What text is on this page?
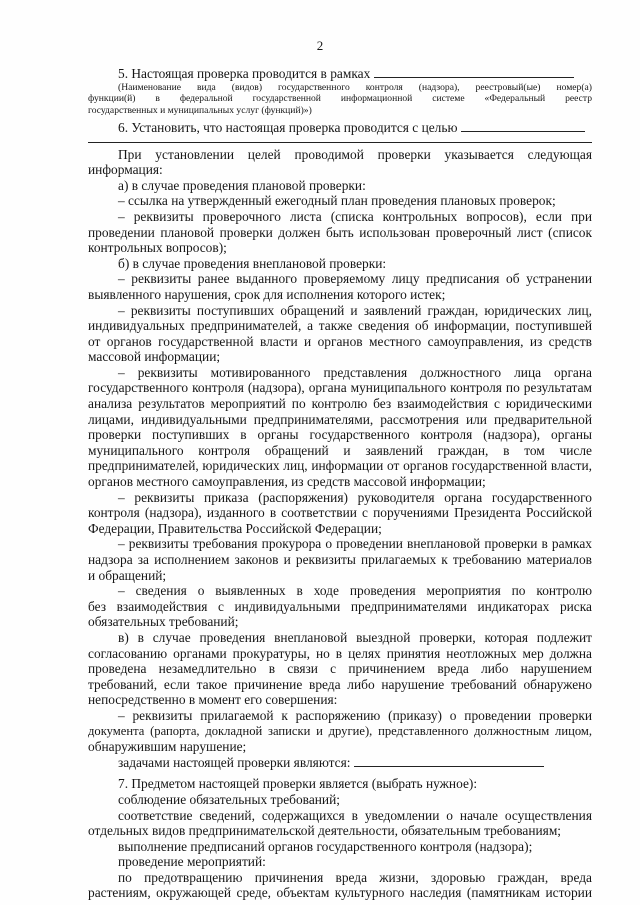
2
5. Настоящая проверка проводится в рамках
(Наименование вида (видов) государственного контроля (надзора), реестровый(ые) номер(а)
функции(й) в федеральной государственной информационной системе «Федеральный реестр
государственных и муниципальных услуг (функций)»)
6. Установить, что настоящая проверка проводится с целью
При установлении целей проводимой проверки указывается следующая
информация:
а) в случае проведения плановой проверки:
– ссылка на утвержденный ежегодный план проведения плановых проверок;
– реквизиты проверочного листа (списка контрольных вопросов), если при
проведении плановой проверки должен быть использован проверочный лист (список
контрольных вопросов);
б) в случае проведения внеплановой проверки:
– реквизиты ранее выданного проверяемому лицу предписания об устранении
выявленного нарушения, срок для исполнения которого истек;
– реквизиты поступивших обращений и заявлений граждан, юридических лиц,
индивидуальных предпринимателей, а также сведения об информации, поступившей
от органов государственной власти и органов местного самоуправления, из средств
массовой информации;
– реквизиты мотивированного представления должностного лица органа
государственного контроля (надзора), органа муниципального контроля по результатам
анализа результатов мероприятий по контролю без взаимодействия с юридическими
лицами, индивидуальными предпринимателями, рассмотрения или предварительной
проверки поступивших в органы государственного контроля (надзора), органы
муниципального контроля обращений и заявлений граждан, в том числе
предпринимателей, юридических лиц, информации от органов государственной власти,
органов местного самоуправления, из средств массовой информации;
– реквизиты приказа (распоряжения) руководителя органа государственного
контроля (надзора), изданного в соответствии с поручениями Президента Российской
Федерации, Правительства Российской Федерации;
– реквизиты требования прокурора о проведении внеплановой проверки в рамках
надзора за исполнением законов и реквизиты прилагаемых к требованию материалов
и обращений;
– сведения о выявленных в ходе проведения мероприятия по контролю
без взаимодействия с индивидуальными предпринимателями индикаторах риска
обязательных требований;
в) в случае проведения внеплановой выездной проверки, которая подлежит
согласованию органами прокуратуры, но в целях принятия неотложных мер должна
проведена незамедлительно в связи с причинением вреда либо нарушением
требований, если такое причинение вреда либо нарушение требований обнаружено
непосредственно в момент его совершения:
– реквизиты прилагаемой к распоряжению (приказу) о проведении проверки
документа (рапорта, докладной записки и другие), представленного должностным лицом,
обнаружившим нарушение;
задачами настоящей проверки являются:
7. Предметом настоящей проверки является (выбрать нужное):
соблюдение обязательных требований;
соответствие сведений, содержащихся в уведомлении о начале осуществления
отдельных видов предпринимательской деятельности, обязательным требованиям;
выполнение предписаний органов государственного контроля (надзора);
проведение мероприятий:
по предотвращению причинения вреда жизни, здоровью граждан, вреда
растениям, окружающей среде, объектам культурного наследия (памятникам истории
